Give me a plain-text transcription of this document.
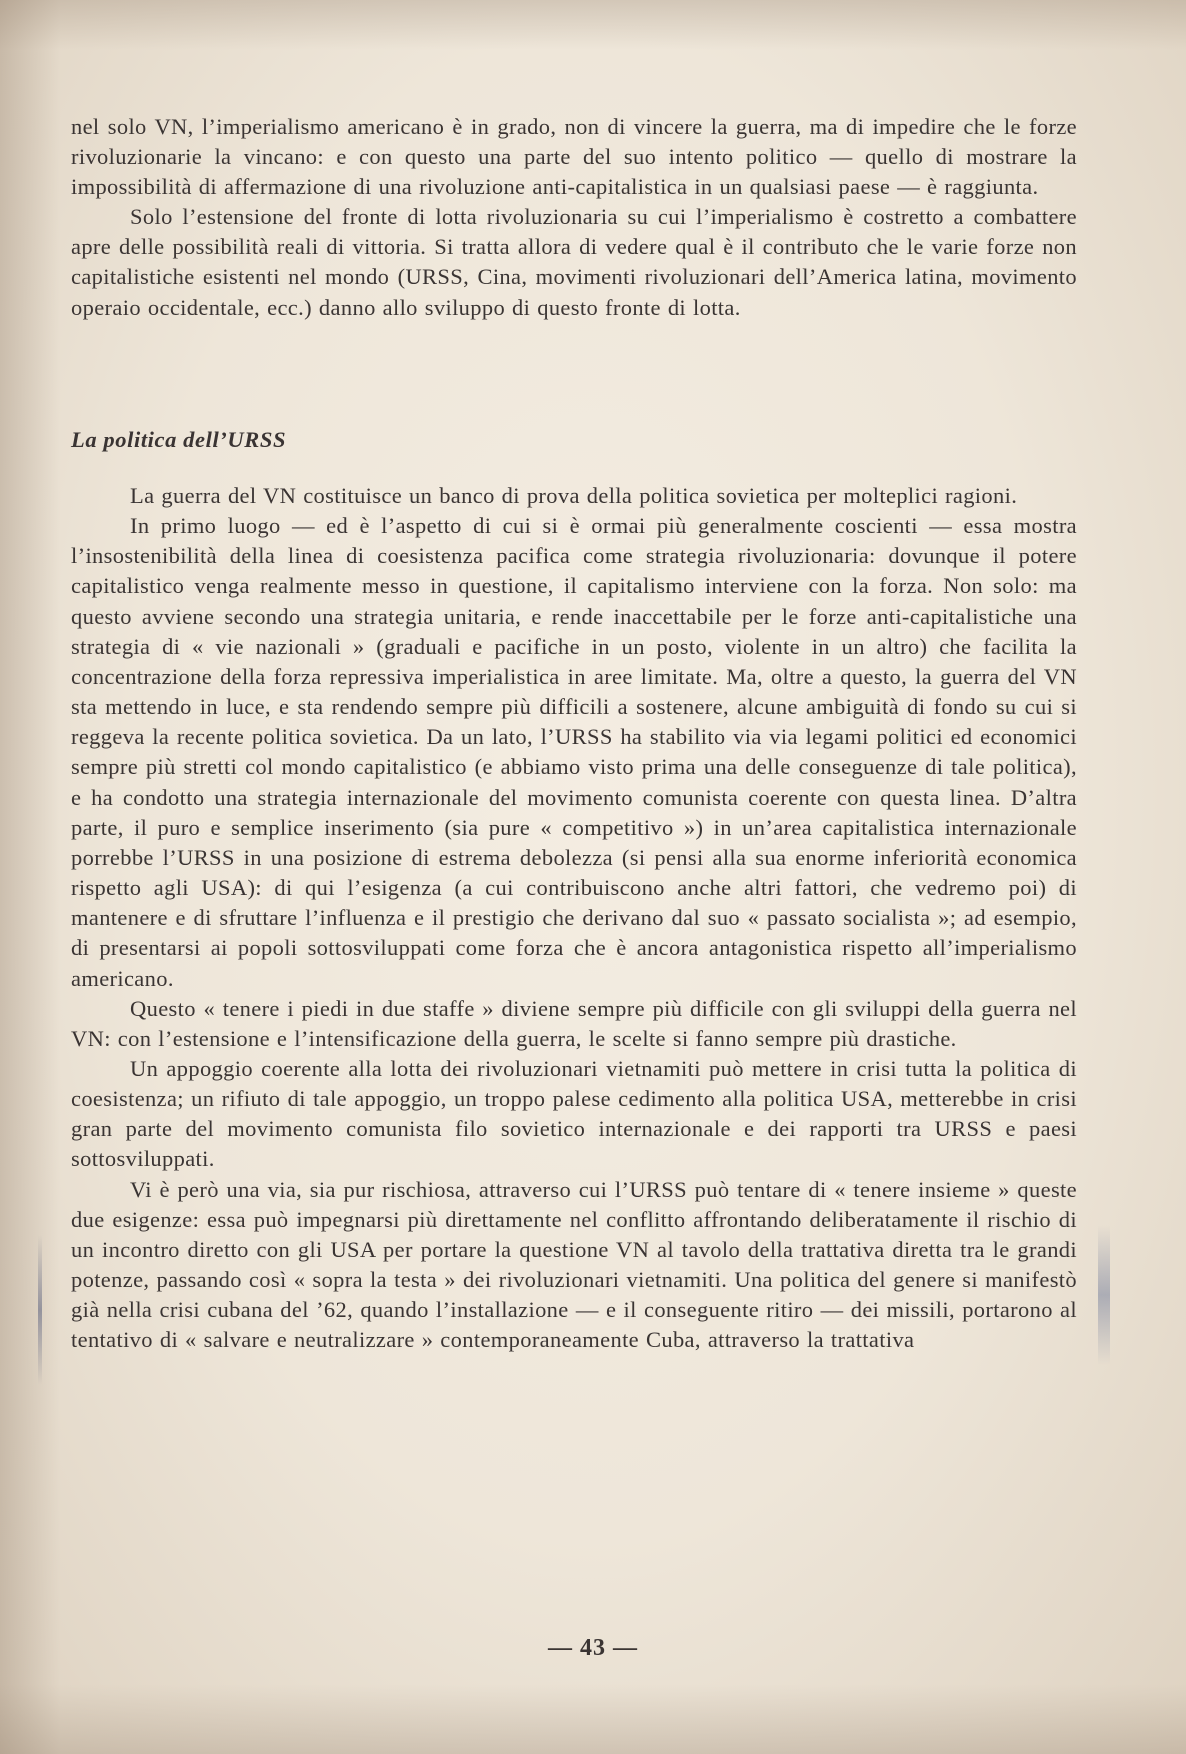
nel solo VN, l’imperialismo americano è in grado, non di vincere la guerra, ma di impedire che le forze rivoluzionarie la vincano: e con questo una parte del suo intento politico — quello di mostrare la impossibilità di affermazione di una rivoluzione anti-capitalistica in un qualsiasi paese — è raggiunta.

Solo l’estensione del fronte di lotta rivoluzionaria su cui l’imperialismo è costretto a combattere apre delle possibilità reali di vittoria. Si tratta allora di vedere qual è il contributo che le varie forze non capitalistiche esistenti nel mondo (URSS, Cina, movimenti rivoluzionari dell’America latina, movimento operaio occidentale, ecc.) danno allo sviluppo di questo fronte di lotta.

La politica dell’URSS

La guerra del VN costituisce un banco di prova della politica sovietica per molteplici ragioni.

In primo luogo — ed è l’aspetto di cui si è ormai più generalmente coscienti — essa mostra l’insostenibilità della linea di coesistenza pacifica come strategia rivoluzionaria: dovunque il potere capitalistico venga realmente messo in questione, il capitalismo interviene con la forza. Non solo: ma questo avviene secondo una strategia unitaria, e rende inaccettabile per le forze anti-capitalistiche una strategia di « vie nazionali » (graduali e pacifiche in un posto, violente in un altro) che facilita la concentrazione della forza repressiva imperialistica in aree limitate. Ma, oltre a questo, la guerra del VN sta mettendo in luce, e sta rendendo sempre più difficili a sostenere, alcune ambiguità di fondo su cui si reggeva la recente politica sovietica. Da un lato, l’URSS ha stabilito via via legami politici ed economici sempre più stretti col mondo capitalistico (e abbiamo visto prima una delle conseguenze di tale politica), e ha condotto una strategia internazionale del movimento comunista coerente con questa linea. D’altra parte, il puro e semplice inserimento (sia pure « competitivo ») in un’area capitalistica internazionale porrebbe l’URSS in una posizione di estrema debolezza (si pensi alla sua enorme inferiorità economica rispetto agli USA): di qui l’esigenza (a cui contribuiscono anche altri fattori, che vedremo poi) di mantenere e di sfruttare l’influenza e il prestigio che derivano dal suo « passato socialista »; ad esempio, di presentarsi ai popoli sottosviluppati come forza che è ancora antagonistica rispetto all’imperialismo americano.

Questo « tenere i piedi in due staffe » diviene sempre più difficile con gli sviluppi della guerra nel VN: con l’estensione e l’intensificazione della guerra, le scelte si fanno sempre più drastiche.

Un appoggio coerente alla lotta dei rivoluzionari vietnamiti può mettere in crisi tutta la politica di coesistenza; un rifiuto di tale appoggio, un troppo palese cedimento alla politica USA, metterebbe in crisi gran parte del movimento comunista filo sovietico internazionale e dei rapporti tra URSS e paesi sottosviluppati.

Vi è però una via, sia pur rischiosa, attraverso cui l’URSS può tentare di « tenere insieme » queste due esigenze: essa può impegnarsi più direttamente nel conflitto affrontando deliberatamente il rischio di un incontro diretto con gli USA per portare la questione VN al tavolo della trattativa diretta tra le grandi potenze, passando così « sopra la testa » dei rivoluzionari vietnamiti. Una politica del genere si manifestò già nella crisi cubana del ’62, quando l’installazione — e il conseguente ritiro — dei missili, portarono al tentativo di « salvare e neutralizzare » contemporaneamente Cuba, attraverso la trattativa

— 43 —
